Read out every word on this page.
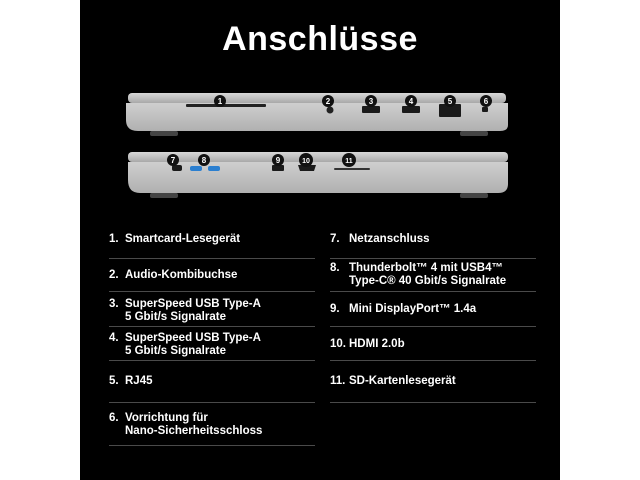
Anschlüsse
1	2	3	4	5	6
7	8	9	10	11
1. Smartcard-Lesegerät
2. Audio-Kombibuchse
3. SuperSpeed USB Type-A
5 Gbit/s Signalrate
4. SuperSpeed USB Type-A
5 Gbit/s Signalrate
5. RJ45
6. Vorrichtung für
Nano-Sicherheitsschloss
7. Netzanschluss
8. Thunderbolt™ 4 mit USB4™
Type-C® 40 Gbit/s Signalrate
9. Mini DisplayPort™ 1.4a
10. HDMI 2.0b
11. SD-Kartenlesegerät
